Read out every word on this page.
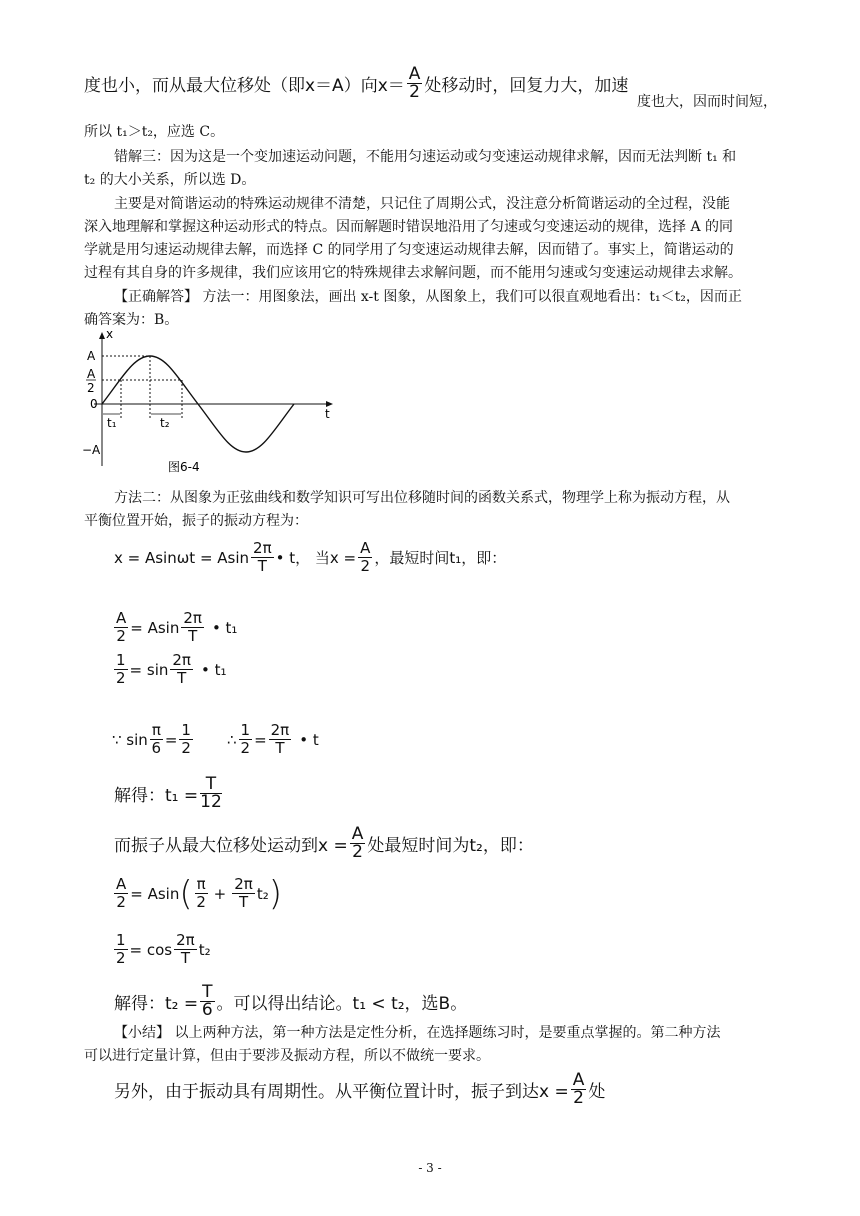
度也小，而从最大位移处（即x＝A）向$x= \frac{A}{2}$ 处移动时，回复力大，加速
度也大，因而时间短，
所以 t₁＞t₂，应选 C。
错解三：因为这是一个变加速运动问题，不能用匀速运动或匀变速运动规律求解，因而无法判断 t₁ 和
t₂ 的大小关系，所以选 D。
主要是对简谐运动的特殊运动规律不清楚，只记住了周期公式，没注意分析简谐运动的全过程，没能
深入地理解和掌握这种运动形式的特点。因而解题时错误地沿用了匀速或匀变速运动的规律，选择 A 的同
学就是用匀速运动规律去解，而选择 C 的同学用了匀变速运动规律去解，因而错了。事实上，简谐运动的
过程有其自身的许多规律，我们应该用它的特殊规律去求解问题，而不能用匀速或匀变速运动规律去求解。
【正确解答】 方法一：用图象法，画出 x-t 图象，从图象上，我们可以很直观地看出：t₁＜t₂，因而正
确答案为：B。
x
t
A
A
2
0
−A
t₁	t₂
图6-4
方法二：从图象为正弦曲线和数学知识可写出位移随时间的函数关系式，物理学上称为振动方程，从
平衡位置开始，振子的振动方程为：
x = Asinωt = Asin $\frac{2\pi}{T}$ • t， 当$x = \frac{A}{2}$ ，最短时间t₁，即：
$\frac{A}{2} = Asin \frac{2\pi}{T}$ • t₁
$\frac{1}{2} = \sin \frac{2\pi}{T}$ • t₁
∵ $\sin \frac{\pi}{6} = \frac{1}{2}$ ∴ $\frac{1}{2} = \frac{2\pi}{T}$ • t
解得：$t_1 = \frac{T}{12}$
而振子从最大位移处运动到$x = \frac{A}{2}$ 处最短时间为t₂，即：
$\frac{A}{2} = Asin$ ( $\frac{\pi}{2} + \frac{2\pi}{T} t_2$ )
$\frac{1}{2} = \cos \frac{2\pi}{T} t_2$
解得：$t_2 = \frac{T}{6}$ 。可以得出结论。t₁ < t₂，选B。
【小结】 以上两种方法，第一种方法是定性分析，在选择题练习时，是要重点掌握的。第二种方法
可以进行定量计算，但由于要涉及振动方程，所以不做统一要求。
另外，由于振动具有周期性。从平衡位置计时，振子到达$x = \frac{A}{2}$ 处
- 3 -
